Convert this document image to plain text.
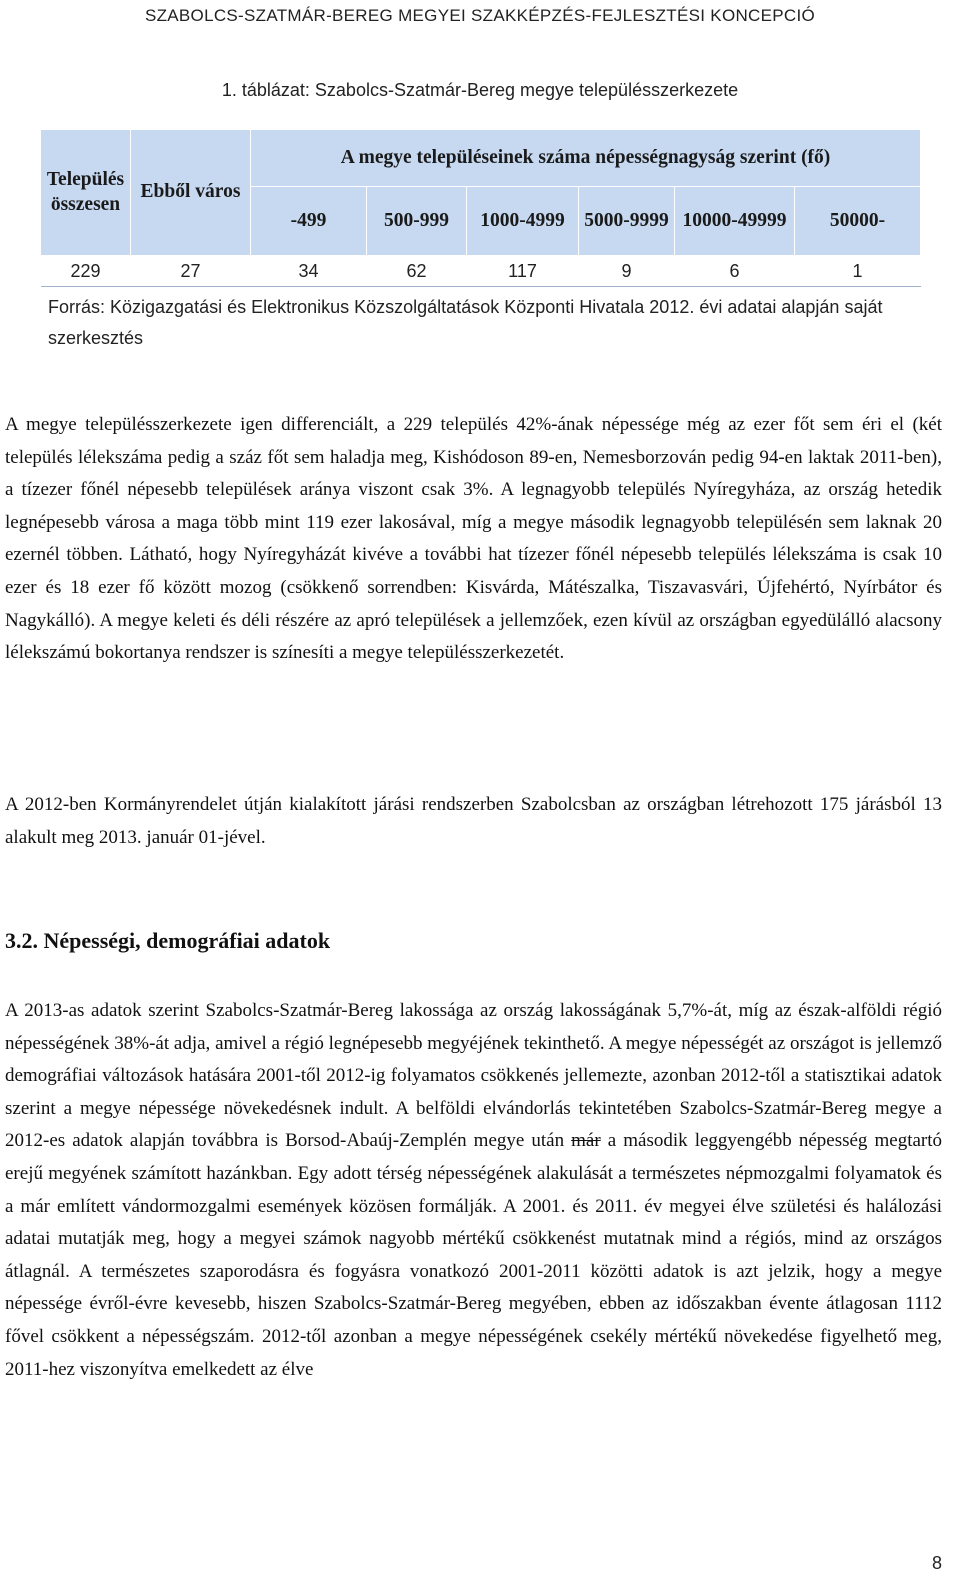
SZABOLCS-SZATMÁR-BEREG MEGYEI SZAKKÉPZÉS-FEJLESZTÉSI KONCEPCIÓ
1. táblázat: Szabolcs-Szatmár-Bereg megye településszerkezete
Település összesen	Ebből város	A megye településeinek száma népességnagyság szerint (fő)					
		-499	500-999	1000-4999	5000-9999	10000-49999	50000-
229	27	34	62	117	9	6	1
Forrás: Közigazgatási és Elektronikus Közszolgáltatások Központi Hivatala 2012. évi adatai alapján saját szerkesztés

A megye településszerkezete igen differenciált, a 229 település 42%-ának népessége még az ezer főt sem éri el (két település lélekszáma pedig a száz főt sem haladja meg, Kishódoson 89-en, Nemesborzován pedig 94-en laktak 2011-ben), a tízezer főnél népesebb települések aránya viszont csak 3%. A legnagyobb település Nyíregyháza, az ország hetedik legnépesebb városa a maga több mint 119 ezer lakosával, míg a megye második legnagyobb településén sem laknak 20 ezernél többen. Látható, hogy Nyíregyházát kivéve a további hat tízezer főnél népesebb település lélekszáma is csak 10 ezer és 18 ezer fő között mozog (csökkenő sorrendben: Kisvárda, Mátészalka, Tiszavasvári, Újfehértó, Nyírbátor és Nagykálló). A megye keleti és déli részére az apró települések a jellemzőek, ezen kívül az országban egyedülálló alacsony lélekszámú bokortanya rendszer is színesíti a megye településszerkezetét.

A 2012-ben Kormányrendelet útján kialakított járási rendszerben Szabolcsban az országban létrehozott 175 járásból 13 alakult meg 2013. január 01-jével.

3.2. Népességi, demográfiai adatok

A 2013-as adatok szerint Szabolcs-Szatmár-Bereg lakossága az ország lakosságának 5,7%-át, míg az észak-alföldi régió népességének 38%-át adja, amivel a régió legnépesebb megyéjének tekinthető. A megye népességét az országot is jellemző demográfiai változások hatására 2001-től 2012-ig folyamatos csökkenés jellemezte, azonban 2012-től a statisztikai adatok szerint a megye népessége növekedésnek indult. A belföldi elvándorlás tekintetében Szabolcs-Szatmár-Bereg megye a 2012-es adatok alapján továbbra is Borsod-Abaúj-Zemplén megye után már a második leggyengébb népesség megtartó erejű megyének számított hazánkban. Egy adott térség népességének alakulását a természetes népmozgalmi folyamatok és a már említett vándormozgalmi események közösen formálják. A 2001. és 2011. év megyei élve születési és halálozási adatai mutatják meg, hogy a megyei számok nagyobb mértékű csökkenést mutatnak mind a régiós, mind az országos átlagnál. A természetes szaporodásra és fogyásra vonatkozó 2001-2011 közötti adatok is azt jelzik, hogy a megye népessége évről-évre kevesebb, hiszen Szabolcs-Szatmár-Bereg megyében, ebben az időszakban évente átlagosan 1112 fővel csökkent a népességszám. 2012-től azonban a megye népességének csekély mértékű növekedése figyelhető meg, 2011-hez viszonyítva emelkedett az élve

8
